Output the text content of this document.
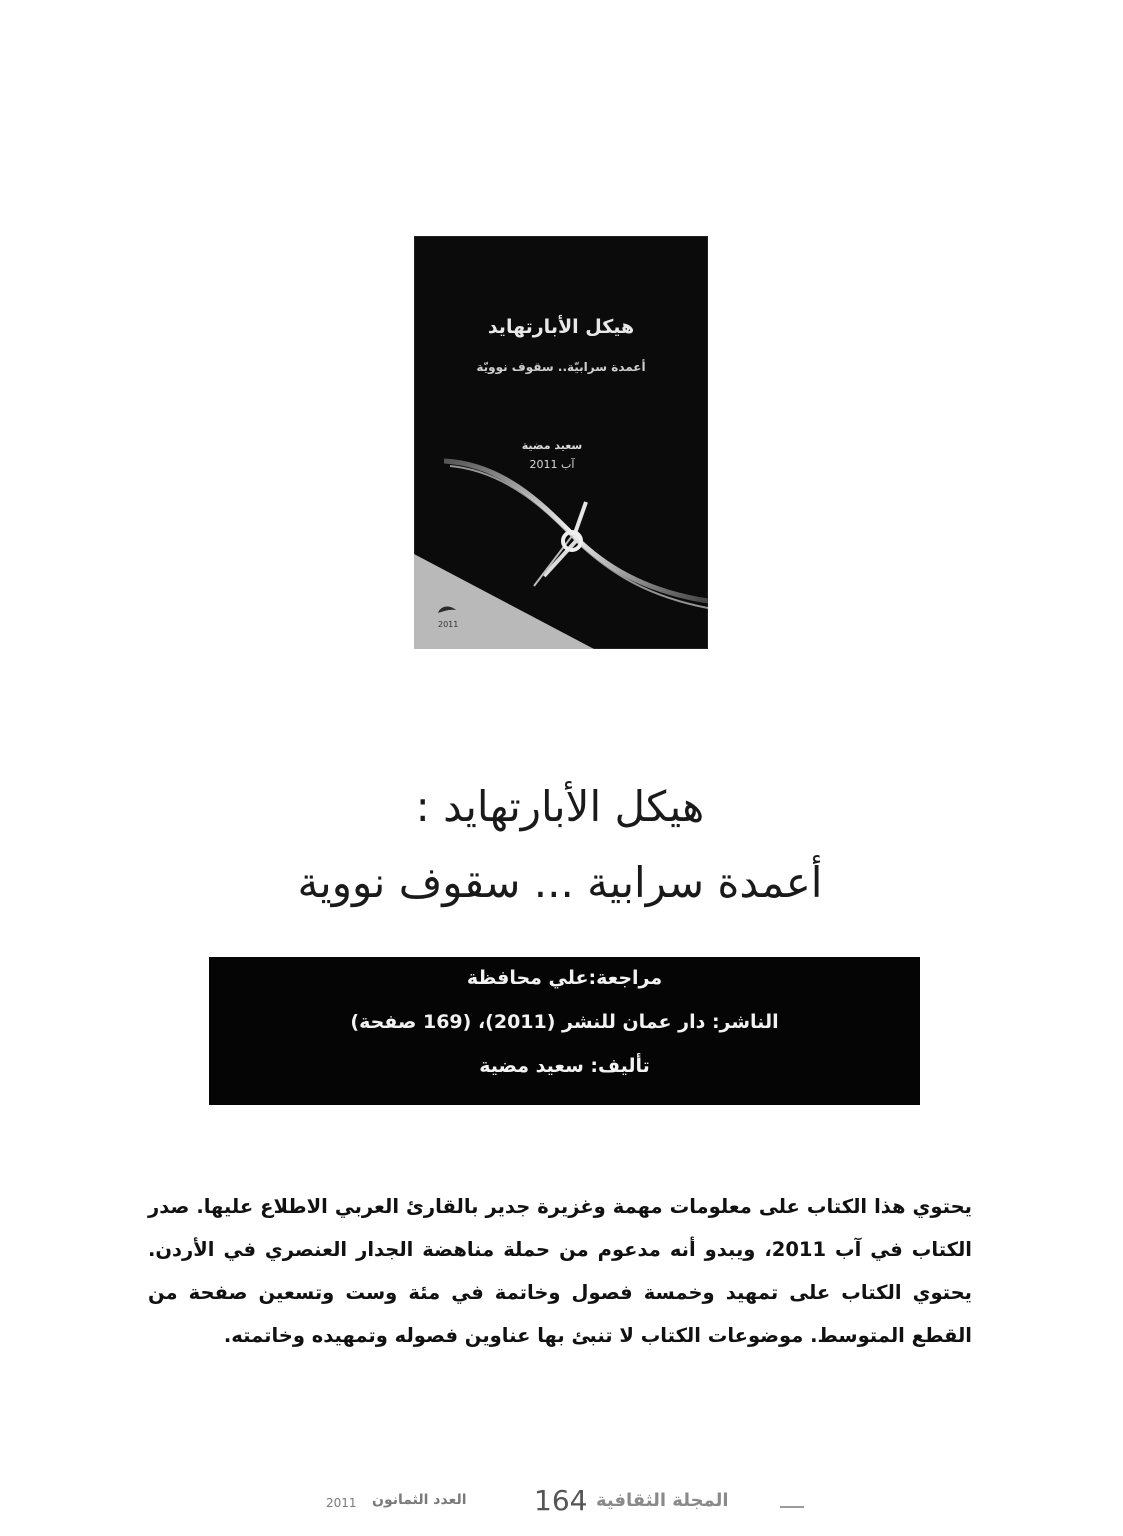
هيكل الأبارتهايد
أعمدة سرابيّة.. سقوف نوويّة
سعيد مضية
آب 2011
2011
هيكل الأبارتهايد :
أعمدة سرابية ... سقوف نووية
مراجعة:علي محافظة
الناشر: دار عمان للنشر (2011)، (169 صفحة)
تأليف: سعيد مضية
يحتوي هذا الكتاب على معلومات مهمة وغزيرة جدير بالقارئ العربي الاطلاع عليها. صدر الكتاب في آب 2011، ويبدو أنه مدعوم من حملة مناهضة الجدار العنصري في الأردن. يحتوي الكتاب على تمهيد وخمسة فصول وخاتمة في مئة وست وتسعين صفحة من القطع المتوسط. موضوعات الكتاب لا تنبئ بها عناوين فصوله وتمهيده وخاتمته.
2011 العدد الثمانون 164 المجلة الثقافية
